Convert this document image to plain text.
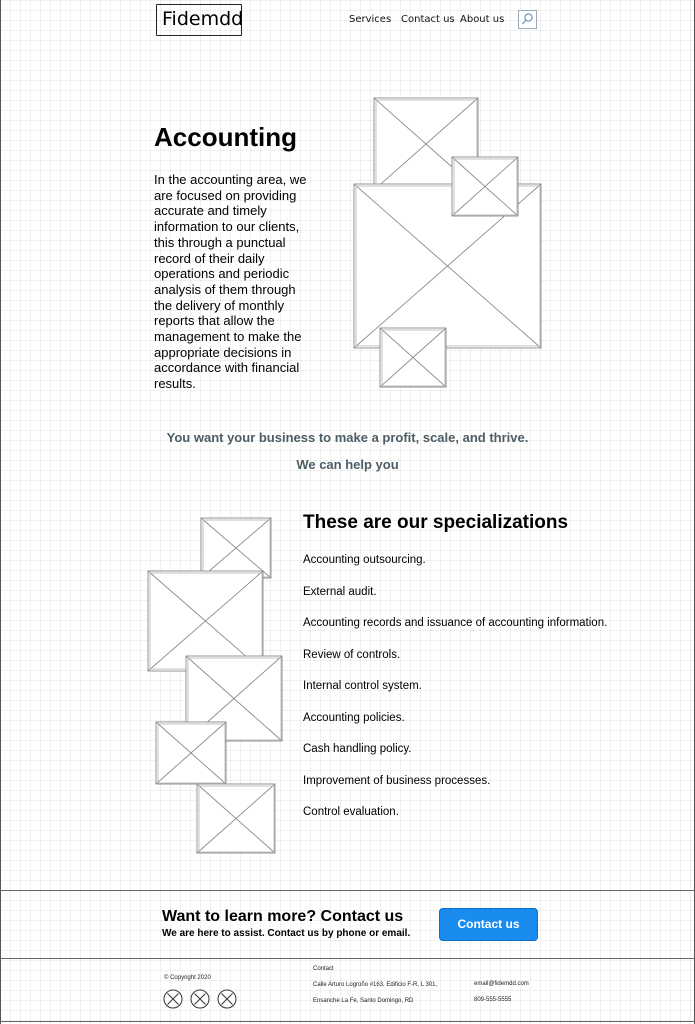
Fidemdd	Services Contact us About us
Accounting

In the accounting area, we are focused on providing accurate and timely information to our clients, this through a punctual record of their daily operations and periodic analysis of them through the delivery of monthly reports that allow the management to make the appropriate decisions in accordance with financial results.

You want your business to make a profit, scale, and thrive.
We can help you
These are our specializations
Accounting outsourcing.
External audit.
Accounting records and issuance of accounting information.
Review of controls.
Internal control system.
Accounting policies.
Cash handling policy.
Improvement of business processes.
Control evaluation.
Want to learn more? Contact us

We are here to assist. Contact us by phone or email.

Contact us
© Copyright 2020
Contact
Calle Arturo Logroño #163, Edificio F-R, L 301,
Ensanche La Fe, Santo Domingo, RD
email@fidemdd.com
809-555-5555
